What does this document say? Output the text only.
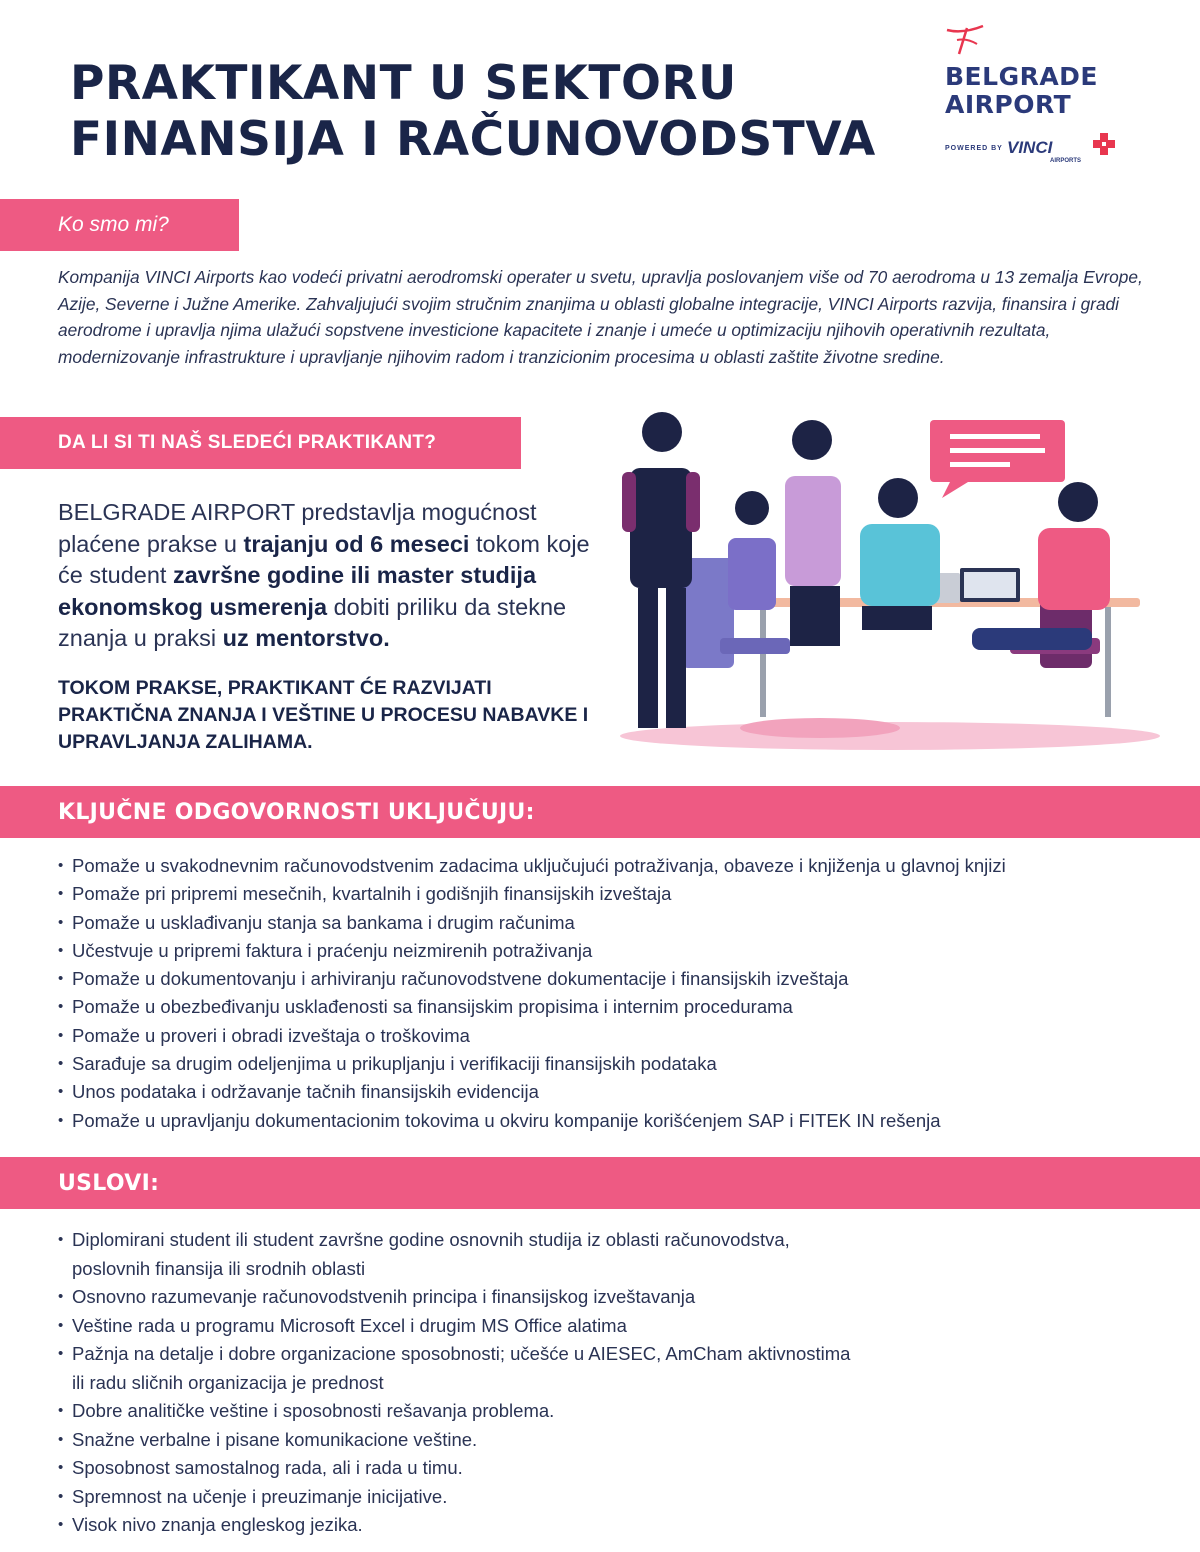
PRAKTIKANT U SEKTORU
FINANSIJA I RAČUNOVODSTVA
BELGRADE
AIRPORT
POWERED BY VINCI
AIRPORTS
Ko smo mi?

Kompanija VINCI Airports kao vodeći privatni aerodromski operater u svetu, upravlja poslovanjem više od 70 aerodroma u 13 zemalja Evrope, Azije, Severne i Južne Amerike. Zahvaljujući svojim stručnim znanjima u oblasti globalne integracije, VINCI Airports razvija, finansira i gradi aerodrome i upravlja njima ulažući sopstvene investicione kapacitete i znanje i umeće u optimizaciju njihovih operativnih rezultata, modernizovanje infrastrukture i upravljanje njihovim radom i tranzicionim procesima u oblasti zaštite životne sredine.

DA LI SI TI NAŠ SLEDEĆI PRAKTIKANT?

BELGRADE AIRPORT predstavlja mogućnost plaćene prakse u trajanju od 6 meseci tokom koje će student završne godine ili master studija ekonomskog usmerenja dobiti priliku da stekne znanja u praksi uz mentorstvo.

TOKOM PRAKSE, PRAKTIKANT ĆE RAZVIJATI PRAKTIČNA ZNANJA I VEŠTINE U PROCESU NABAVKE I UPRAVLJANJA ZALIHAMA.

KLJUČNE ODGOVORNOSTI UKLJUČUJU:
• Pomaže u svakodnevnim računovodstvenim zadacima uključujući potraživanja, obaveze i knjiženja u glavnoj knjizi
• Pomaže pri pripremi mesečnih, kvartalnih i godišnjih finansijskih izveštaja
• Pomaže u usklađivanju stanja sa bankama i drugim računima
• Učestvuje u pripremi faktura i praćenju neizmirenih potraživanja
• Pomaže u dokumentovanju i arhiviranju računovodstvene dokumentacije i finansijskih izveštaja
• Pomaže u obezbeđivanju usklađenosti sa finansijskim propisima i internim procedurama
• Pomaže u proveri i obradi izveštaja o troškovima
• Sarađuje sa drugim odeljenjima u prikupljanju i verifikaciji finansijskih podataka
• Unos podataka i održavanje tačnih finansijskih evidencija
• Pomaže u upravljanju dokumentacionim tokovima u okviru kompanije korišćenjem SAP i FITEK IN rešenja
USLOVI:
• Diplomirani student ili student završne godine osnovnih studija iz oblasti računovodstva,
poslovnih finansija ili srodnih oblasti
• Osnovno razumevanje računovodstvenih principa i finansijskog izveštavanja
• Veštine rada u programu Microsoft Excel i drugim MS Office alatima
• Pažnja na detalje i dobre organizacione sposobnosti; učešće u AIESEC, AmCham aktivnostima
ili radu sličnih organizacija je prednost
• Dobre analitičke veštine i sposobnosti rešavanja problema.
• Snažne verbalne i pisane komunikacione veštine.
• Sposobnost samostalnog rada, ali i rada u timu.
• Spremnost na učenje i preuzimanje inicijative.
• Visok nivo znanja engleskog jezika.
